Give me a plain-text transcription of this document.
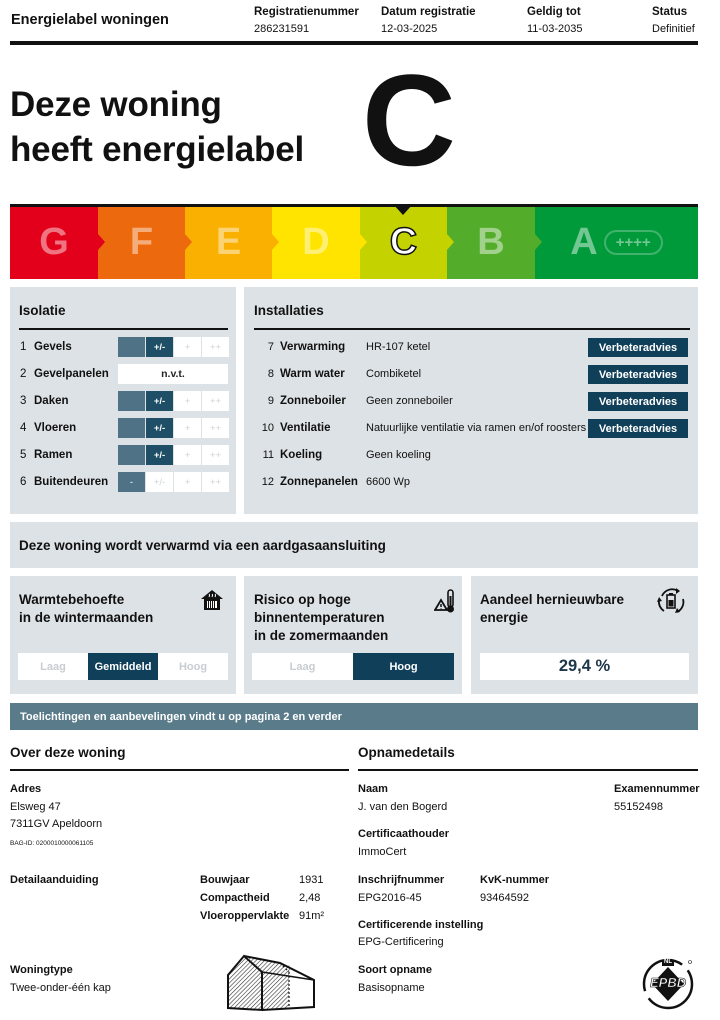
Energielabel woningen	Registratienummer
286231591
Datum registratie
12-03-2025
Geldig tot
11-03-2035
Status
Definitief
Deze woning
heeft energielabel C
G F E D C B A	++++
Isolatie
1 Gevels	+/-	+	++
2 Gevelpanelen	n.v.t.
3 Daken	+/-	+	++
4 Vloeren	+/-	+	++
5 Ramen	+/-	+	++
6 Buitendeuren	-	+/-	+	++
Installaties
7 Verwarming	HR-107 ketel	Verbeteradvies
8 Warm water	Combiketel	Verbeteradvies
9 Zonneboiler	Geen zonneboiler	Verbeteradvies
10 Ventilatie	Natuurlijke ventilatie via ramen en/of roosters	Verbeteradvies
11 Koeling	Geen koeling
12 Zonnepanelen 6600 Wp
Deze woning wordt verwarmd via een aardgasaansluiting
Warmtebehoefte
in de wintermaanden
Laag	Gemiddeld	Hoog
Risico op hoge
binnentemperaturen
in de zomermaanden
Laag	Hoog
Aandeel hernieuwbare
energie
29,4 %
Toelichtingen en aanbevelingen vindt u op pagina 2 en verder
Over deze woning
Adres
Elsweg 47
7311GV Apeldoorn
BAG-ID: 0200010000061105
Detailaanduiding	Bouwjaar	1931
Compactheid	2,48
Vloeroppervlakte 91m²
Woningtype
Twee-onder-één kap
Opnamedetails
Naam
J. van den Bogerd
Examennummer
55152498
Certificaathouder
ImmoCert
Inschrijfnummer
EPG2016-45
KvK-nummer
93464592
Certificerende instelling
EPG-Certificering
Soort opname
Basisopname	EPBD
NL
